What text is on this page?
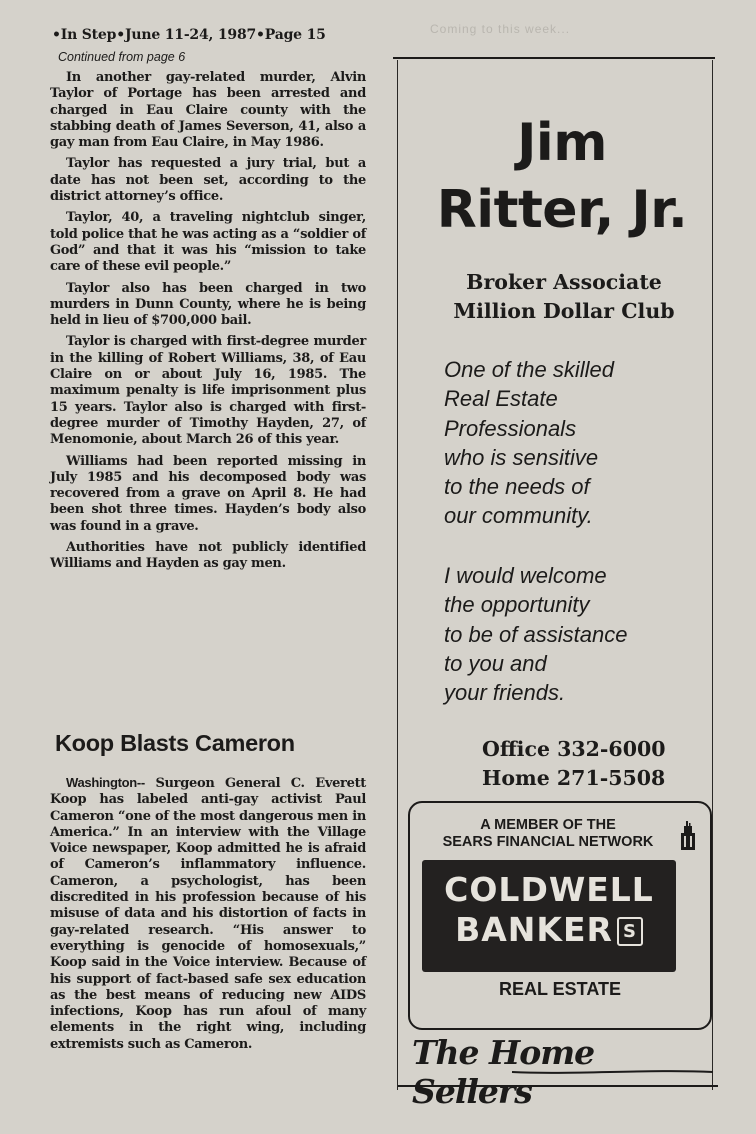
•In Step•June 11-24, 1987•Page 15
Continued from page 6
Coming to this week...

In another gay-related murder, Alvin Taylor of Portage has been arrested and charged in Eau Claire county with the stabbing death of James Severson, 41, also a gay man from Eau Claire, in May 1986.

Taylor has requested a jury trial, but a date has not been set, according to the district attorney’s office.

Taylor, 40, a traveling nightclub singer, told police that he was acting as a “soldier of God” and that it was his “mission to take care of these evil people.”

Taylor also has been charged in two murders in Dunn County, where he is being held in lieu of $700,000 bail.

Taylor is charged with first-degree murder in the killing of Robert Williams, 38, of Eau Claire on or about July 16, 1985. The maximum penalty is life imprisonment plus 15 years. Taylor also is charged with first-degree murder of Timothy Hayden, 27, of Menomonie, about March 26 of this year.

Williams had been reported missing in July 1985 and his decomposed body was recovered from a grave on April 8. He had been shot three times. Hayden’s body also was found in a grave.

Authorities have not publicly identified Williams and Hayden as gay men.

Koop Blasts Cameron

Washington-- Surgeon General C. Everett Koop has labeled anti-gay activist Paul Cameron “one of the most dangerous men in America.” In an interview with the Village Voice newspaper, Koop admitted he is afraid of Cameron’s inflammatory influence. Cameron, a psychologist, has been discredited in his profession because of his misuse of data and his distortion of facts in gay-related research. “His answer to everything is genocide of homosexuals,” Koop said in the Voice interview. Because of his support of fact-based safe sex education as the best means of reducing new AIDS infections, Koop has run afoul of many elements in the right wing, including extremists such as Cameron.

Jim
Ritter, Jr.
Broker Associate
Million Dollar Club
One of the skilled
Real Estate
Professionals
who is sensitive
to the needs of
our community.
I would welcome
the opportunity
to be of assistance
to you and
your friends.
Office 332-6000
Home 271-5508
A MEMBER OF THE
SEARS FINANCIAL NETWORK
COLDWELL
BANKER S
REAL ESTATE
The Home Sellers
